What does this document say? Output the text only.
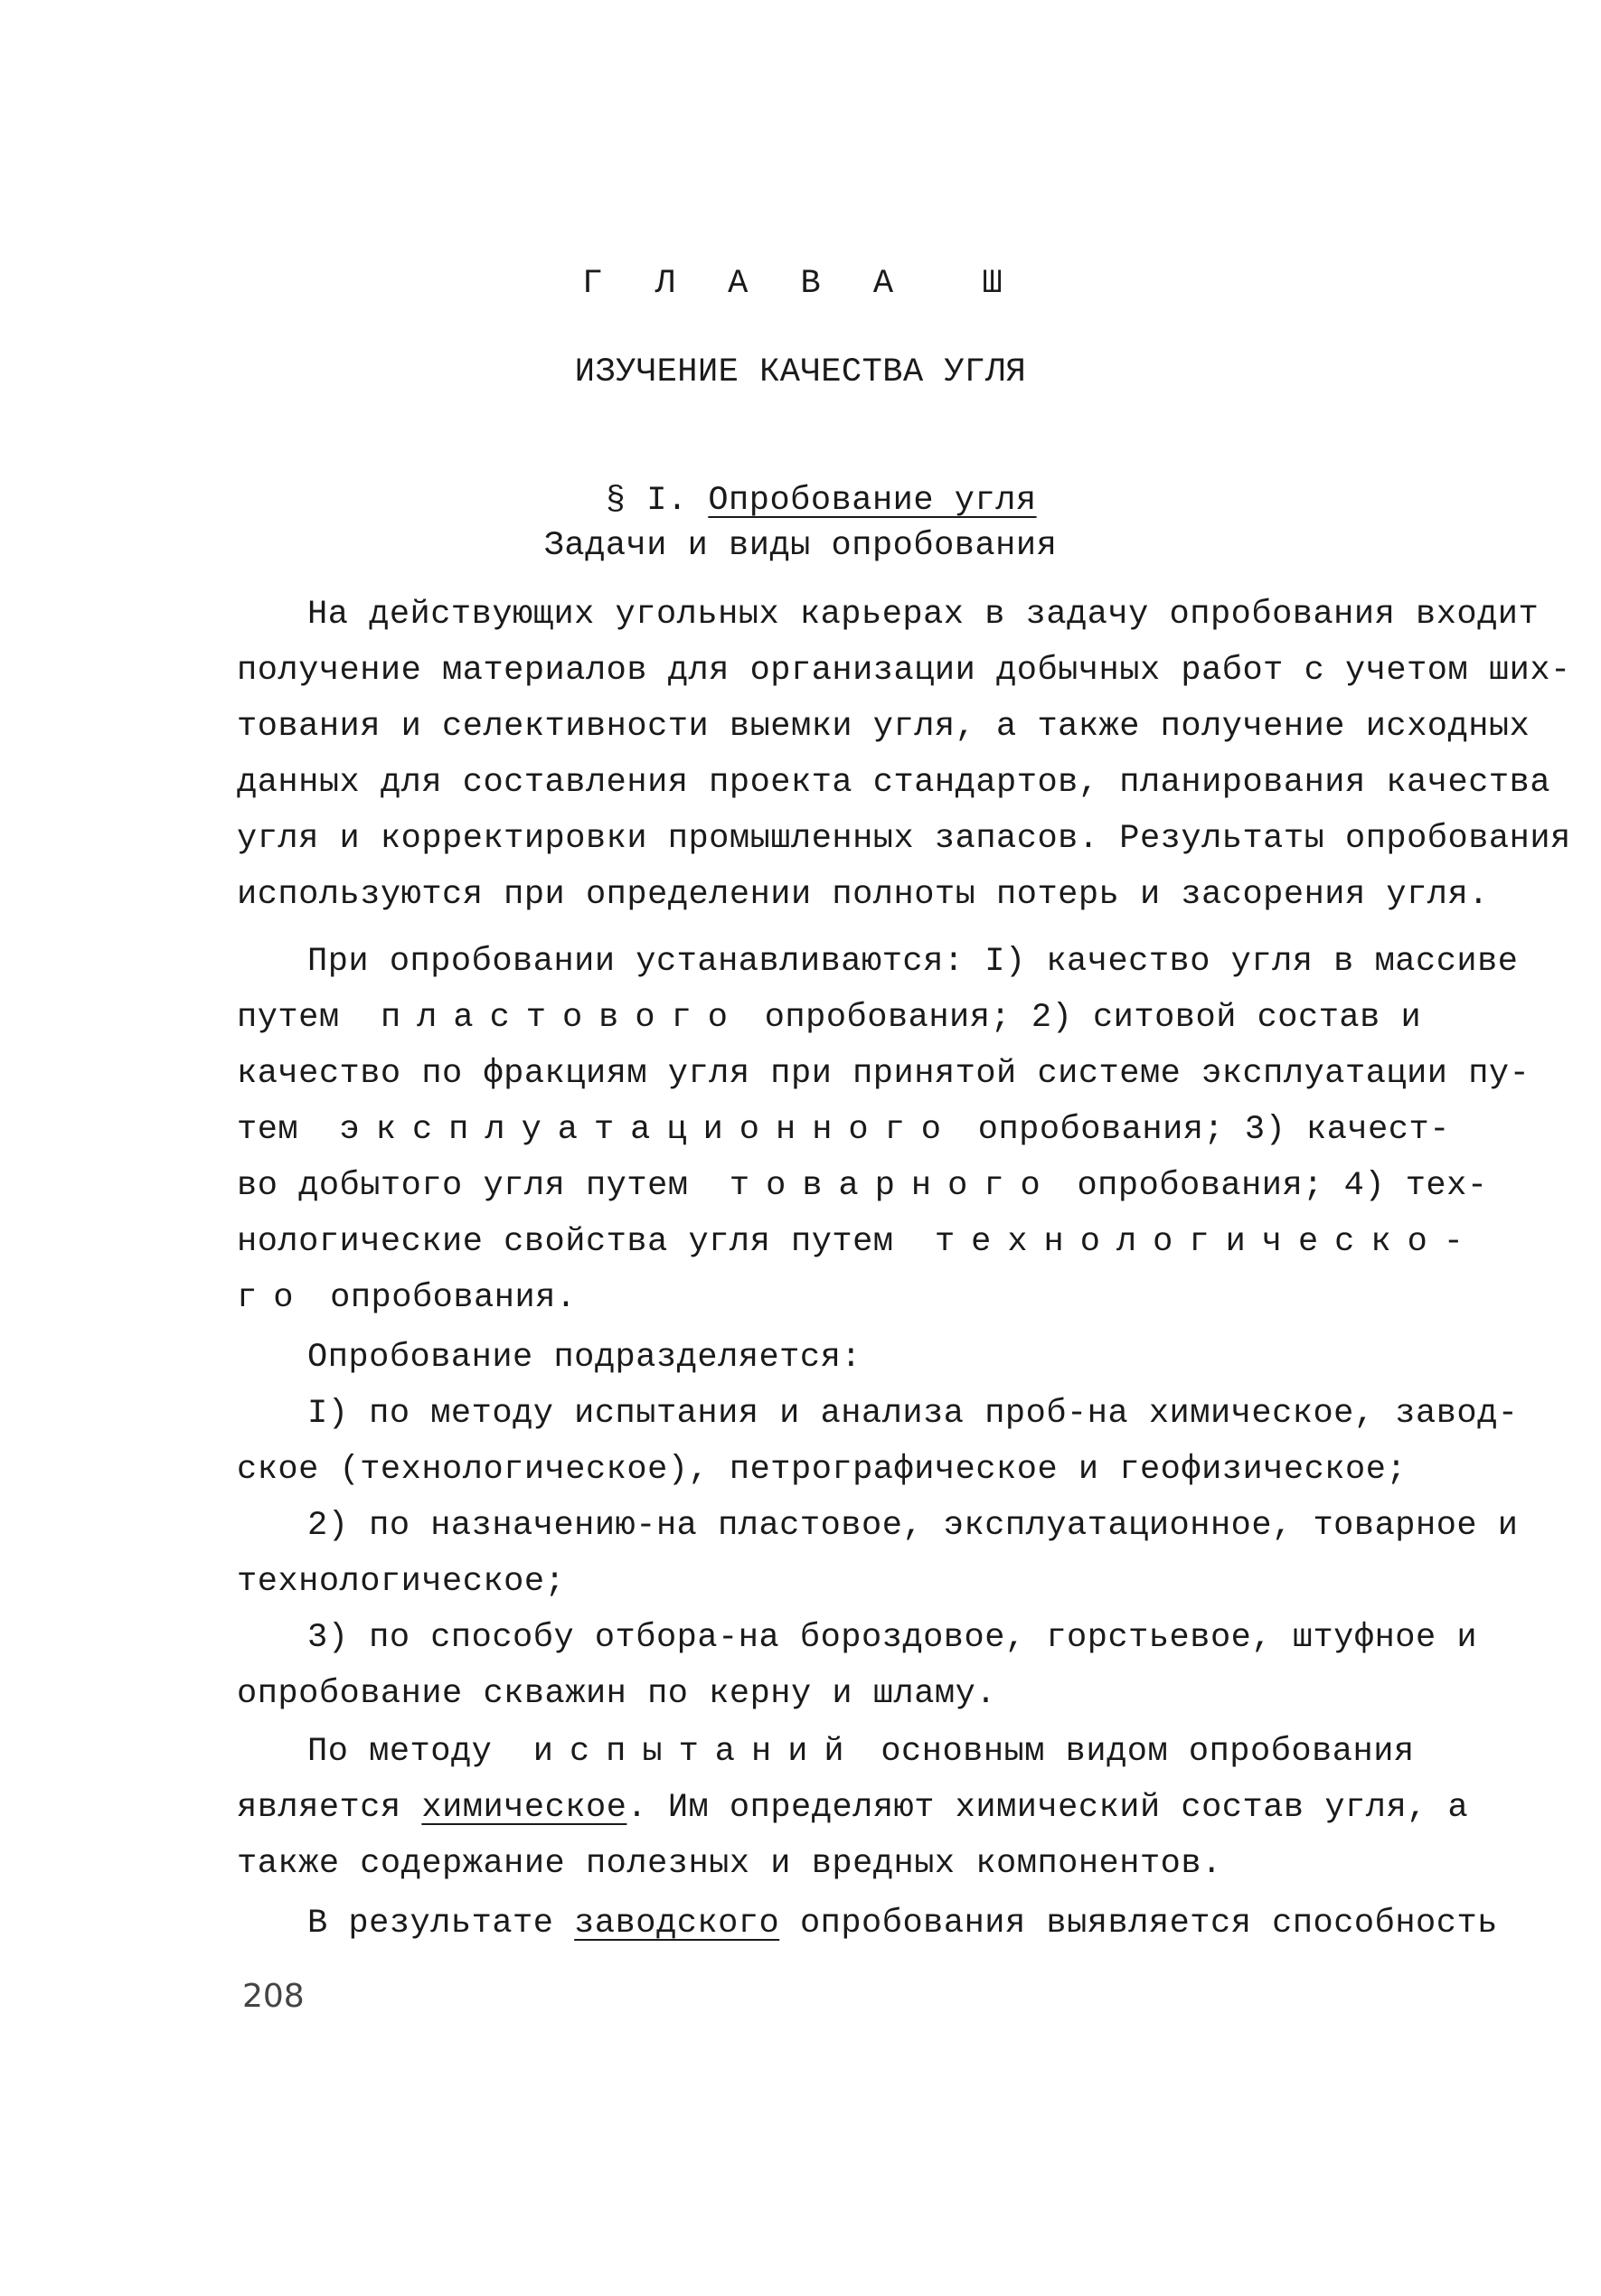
Г Л А В А  Ш
ИЗУЧЕНИЕ КАЧЕСТВА УГЛЯ

§ I. Опробование угля

Задачи и виды опробования
На действующих угольных карьерах в задачу опробования входит
получение материалов для организации добычных работ с учетом ших-
тования и селективности выемки угля, а также получение исходных
данных для составления проекта стандартов, планирования качества
угля и корректировки промышленных запасов. Результаты опробования
используются при определении полноты потерь и засорения угля.
При опробовании устанавливаются: I) качество угля в массиве
путем пластового опробования; 2) ситовой состав и
качество по фракциям угля при принятой системе эксплуатации пу-
тем эксплуатационного опробования; 3) качест-
во добытого угля путем товарного опробования; 4) тех-
нологические свойства угля путем технологическо-
го опробования.
Опробование подразделяется:
I) по методу испытания и анализа проб-на химическое, завод-
ское (технологическое), петрографическое и геофизическое;
2) по назначению-на пластовое, эксплуатационное, товарное и
технологическое;
3) по способу отбора-на бороздовое, горстьевое, штуфное и
опробование скважин по керну и шламу.
По методу испытаний основным видом опробования
является химическое. Им определяют химический состав угля, а
также содержание полезных и вредных компонентов.
В результате заводского опробования выявляется способность
208
